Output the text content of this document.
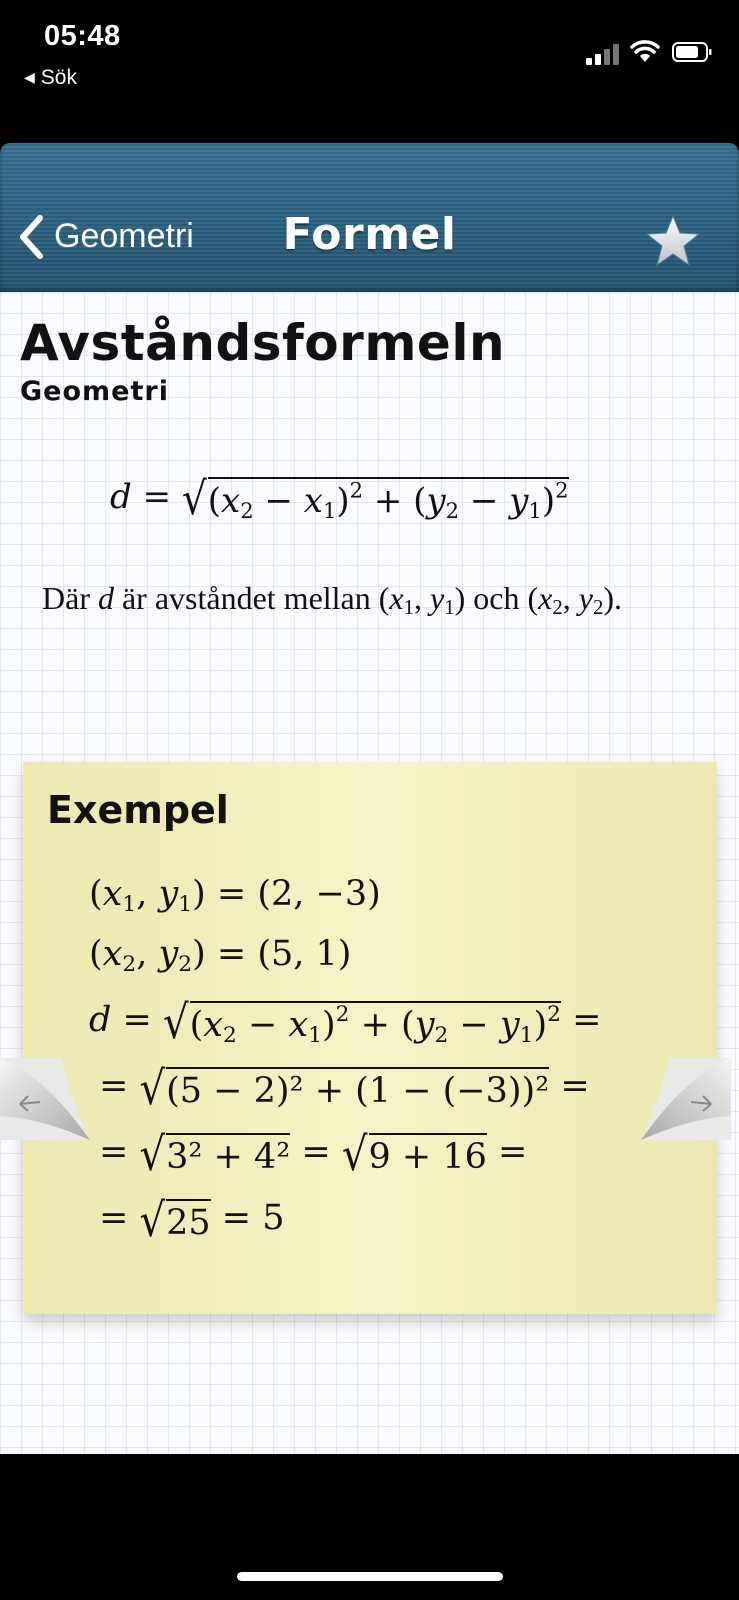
05:48
◀ Sök
Geometri	Formel
Avståndsformeln
Geometri
$d = √(x_2 - x_1)^2 + (y_2 - y_1)^2$
Där d är avståndet mellan ($x_1$, $y_1$) och ($x_2$, $y_2$).
Exempel
($x_1$, $y_1) = (2$, −3)
($x_2$, $y_2) = (5$, 1)
$d = √(x_2 - x_1)^2 + (y_2 - y_1)^2$ =
= √(5 − 2)² + (1 − (−3))² =
= √3² + 4² = √9 + 16 =
= √25 = 5
